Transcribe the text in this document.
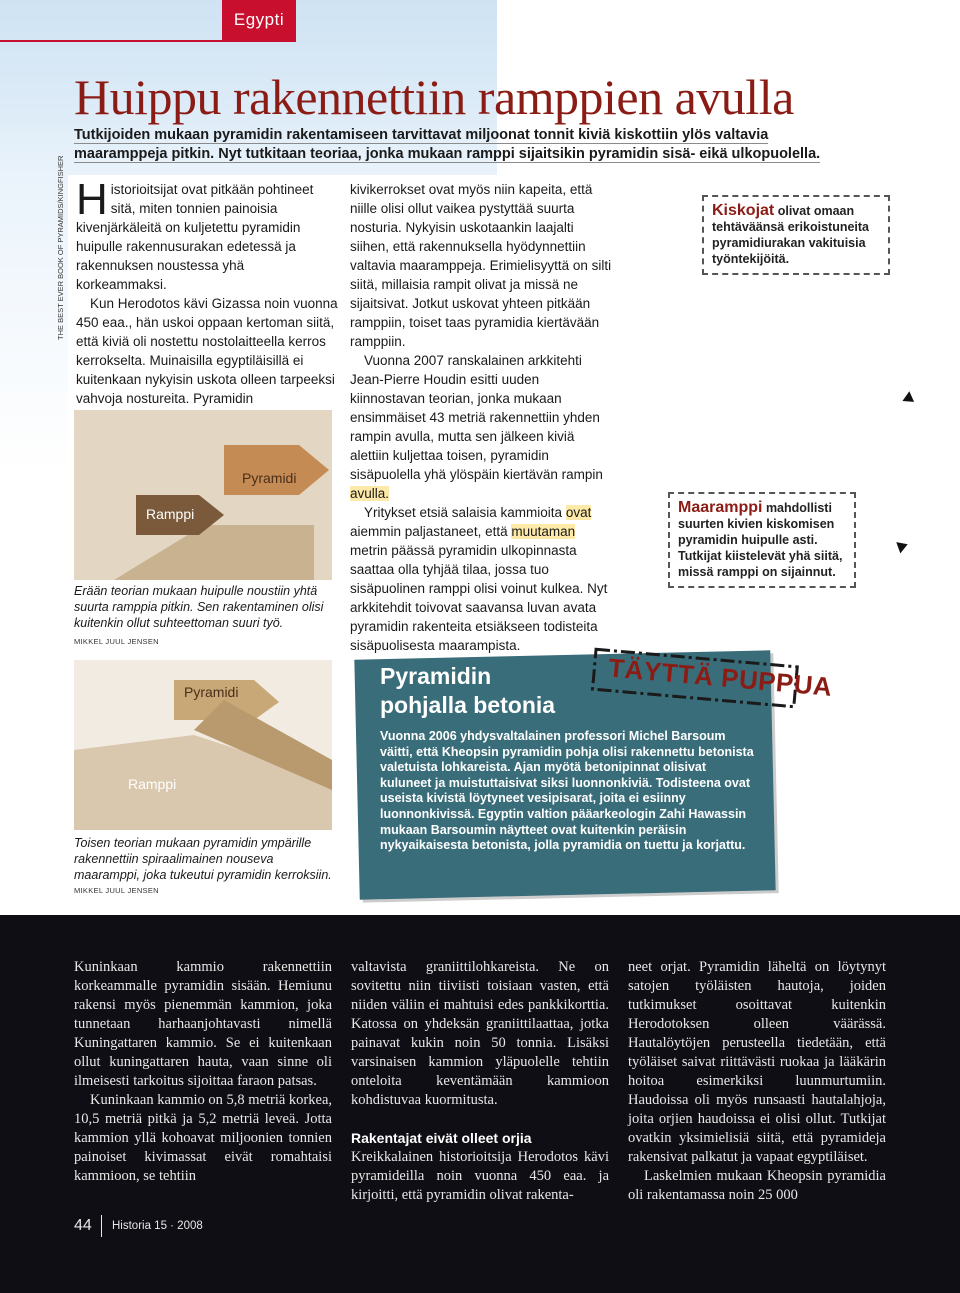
Egypti
Huippu rakennettiin ramppien avulla
Tutkijoiden mukaan pyramidin rakentamiseen tarvittavat miljoonat tonnit kiviä kiskottiin ylös valtavia maaramppeja pitkin. Nyt tutkitaan teoriaa, jonka mukaan ramppi sijaitsikin pyramidin sisä- eikä ulkopuolella.
THE BEST EVER BOOK OF PYRAMIDS/KINGFISHER Historioitsijat ovat pitkään pohtineet sitä, miten tonnien painoisia kivenjärkäleitä on kuljetettu pyramidin huipulle rakennusurakan edetessä ja rakennuksen noustessa yhä korkeammaksi.

Kun Herodotos kävi Gizassa noin vuonna 450 eaa., hän uskoi oppaan kertoman siitä, että kiviä oli nostettu nostolaitteella kerros kerrokselta. Muinaisilla egyptiläisillä ei kuitenkaan nykyisin uskota olleen tarpeeksi vahvoja nostureita. Pyramidin

Ramppi
Pyramidi
Erään teorian mukaan huipulle noustiin yhtä suurta ramppia pitkin. Sen rakentaminen olisi kuitenkin ollut suhteettoman suuri työ.
MIKKEL JUUL JENSEN
Pyramidi
Ramppi
Toisen teorian mukaan pyramidin ympärille rakennettiin spiraalimainen nouseva maaramppi, joka tukeutui pyramidin kerroksiin.
MIKKEL JUUL JENSEN

kivikerrokset ovat myös niin kapeita, että niille olisi ollut vaikea pystyttää suurta nosturia. Nykyisin uskotaankin laajalti siihen, että rakennuksella hyödynnettiin valtavia maaramppeja. Erimielisyyttä on silti siitä, millaisia rampit olivat ja missä ne sijaitsivat. Jotkut uskovat yhteen pitkään ramppiin, toiset taas pyramidia kiertävään ramppiin.

Vuonna 2007 ranskalainen arkkitehti Jean-Pierre Houdin esitti uuden kiinnostavan teorian, jonka mukaan ensimmäiset 43 metriä rakennettiin yhden rampin avulla, mutta sen jälkeen kiviä alettiin kuljettaa toisen, pyramidin sisäpuolella yhä ylöspäin kiertävän rampin avulla.

Yritykset etsiä salaisia kammioita ovat aiemmin paljastaneet, että muutaman metrin päässä pyramidin ulkopinnasta saattaa olla tyhjää tilaa, jossa tuo sisäpuolinen ramppi olisi voinut kulkea. Nyt arkkitehdit toivovat saavansa luvan avata pyramidin rakenteita etsiäkseen todisteita sisäpuolisesta maarampista.

Kiskojat olivat omaan tehtäväänsä erikoistuneita pyramidiurakan vakituisia työntekijöitä.
Maaramppi mahdollisti suurten kivien kiskomisen pyramidin huipulle asti. Tutkijat kiistelevät yhä siitä, missä ramppi on sijainnut.
TÄYTTÄ PUPPUA
Pyramidin
pohjalla betonia
Vuonna 2006 yhdysvaltalainen professori Michel Barsoum väitti, että Kheopsin pyramidin pohja olisi rakennettu betonista valetuista lohkareista. Ajan myötä betonipinnat olisivat kuluneet ja muistuttaisivat siksi luonnonkiviä. Todisteena ovat useista kivistä löytyneet vesipisarat, joita ei esiinny luonnonkivissä. Egyptin valtion pääarkeologin Zahi Hawassin mukaan Barsoumin näytteet ovat kuitenkin peräisin nykyaikaisesta betonista, jolla pyramidia on tuettu ja korjattu.

Kuninkaan kammio rakennettiin korkeammalle pyramidin sisään. Hemiunu rakensi myös pienemmän kammion, joka tunnetaan harhaanjohtavasti nimellä Kuningattaren kammio. Se ei kuitenkaan ollut kuningattaren hauta, vaan sinne oli ilmeisesti tarkoitus sijoittaa faraon patsas.

Kuninkaan kammio on 5,8 metriä korkea, 10,5 metriä pitkä ja 5,2 metriä leveä. Jotta kammion yllä kohoavat miljoonien tonnien painoiset kivimassat eivät romahtaisi kammioon, se tehtiin

valtavista graniittilohkareista. Ne on sovitettu niin tiiviisti toisiaan vasten, että niiden väliin ei mahtuisi edes pankkikorttia. Katossa on yhdeksän graniittilaattaa, jotka painavat kukin noin 50 tonnia. Lisäksi varsinaisen kammion yläpuolelle tehtiin onteloita keventämään kammioon kohdistuvaa kuormitusta.

Rakentajat eivät olleet orjia

Kreikkalainen historioitsija Herodotos kävi pyramideilla noin vuonna 450 eaa. ja kirjoitti, että pyramidin olivat rakenta-

neet orjat. Pyramidin läheltä on löytynyt satojen työläisten hautoja, joiden tutkimukset osoittavat kuitenkin Herodotoksen olleen väärässä. Hautalöytöjen perusteella tiedetään, että työläiset saivat riittävästi ruokaa ja lääkärin hoitoa esimerkiksi luunmurtumiin. Haudoissa oli myös runsaasti hautalahjoja, joita orjien haudoissa ei olisi ollut. Tutkijat ovatkin yksimielisiä siitä, että pyramideja rakensivat palkatut ja vapaat egyptiläiset.

Laskelmien mukaan Kheopsin pyramidia oli rakentamassa noin 25 000

44 Historia 15 · 2008
